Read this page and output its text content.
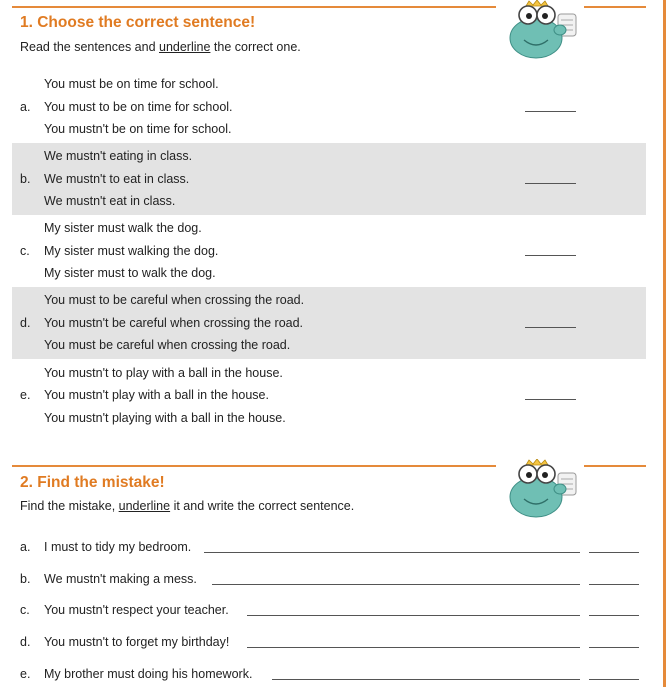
1. Choose the correct sentence!
Read the sentences and underline the correct one.
You must be on time for school.
a. You must to be on time for school.
You mustn't be on time for school.
We mustn't eating in class.
b. We mustn't to eat in class.
We mustn't eat in class.
My sister must walk the dog.
c. My sister must walking the dog.
My sister must to walk the dog.
You must to be careful when crossing the road.
d. You mustn't be careful when crossing the road.
You must be careful when crossing the road.
You mustn't to play with a ball in the house.
e. You mustn't play with a ball in the house.
You mustn't playing with a ball in the house.
2. Find the mistake!
Find the mistake, underline it and write the correct sentence.
a. I must to tidy my bedroom.
b. We mustn't making a mess.
c. You mustn't respect your teacher.
d. You mustn't to forget my birthday!
e. My brother must doing his homework.
